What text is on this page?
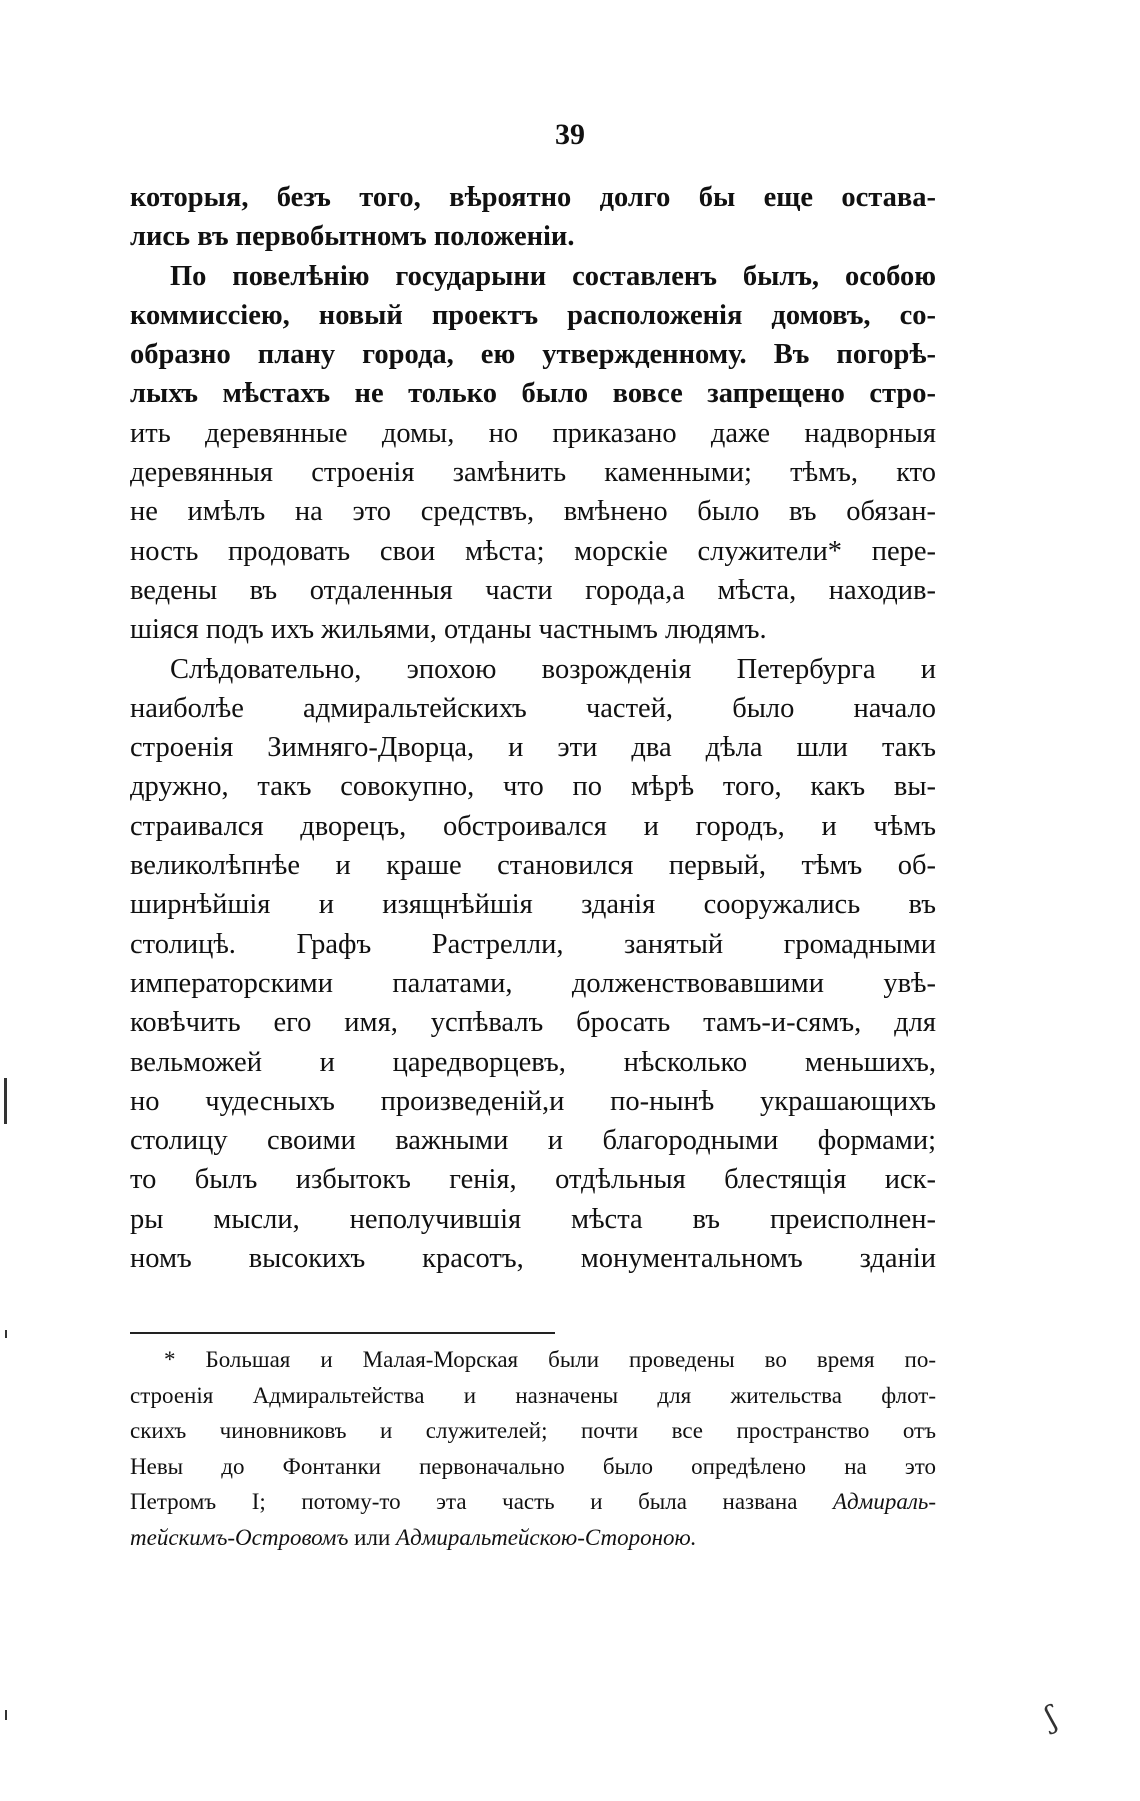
39
которыя, безъ того, вѣроятно долго бы еще остава-
лись въ первобытномъ положеніи.
По повелѣнію государыни составленъ былъ, особою
коммиссіею, новый проектъ расположенія домовъ, со-
образно плану города, ею утвержденному. Въ погорѣ-
лыхъ мѣстахъ не только было вовсе запрещено стро-
ить деревянные домы, но приказано даже надворныя
деревянныя строенія замѣнить каменными; тѣмъ, кто
не имѣлъ на это средствъ, вмѣнено было въ обязан-
ность продовать свои мѣста; морскіе служители* пере-
ведены въ отдаленныя части города,а мѣста, находив-
шіяся подъ ихъ жильями, отданы частнымъ людямъ.
Слѣдовательно, эпохою возрожденія Петербурга и
наиболѣе адмиральтейскихъ частей, было начало
строенія Зимняго-Дворца, и эти два дѣла шли такъ
дружно, такъ совокупно, что по мѣрѣ того, какъ вы-
страивался дворецъ, обстроивался и городъ, и чѣмъ
великолѣпнѣе и краше становился первый, тѣмъ об-
ширнѣйшія и изящнѣйшія зданія сооружались въ
столицѣ. Графъ Растрелли, занятый громадными
императорскими палатами, долженствовавшими увѣ-
ковѣчить его имя, успѣвалъ бросать тамъ-и-сямъ, для
вельможей и царедворцевъ, нѣсколько меньшихъ,
но чудесныхъ произведеній,и по-нынѣ украшающихъ
столицу своими важными и благородными формами;
то былъ избытокъ генія, отдѣльныя блестящія иск-
ры мысли, неполучившія мѣста въ преисполнен-
номъ высокихъ красотъ, монументальномъ зданіи
* Большая и Малая-Морская были проведены во время по-
строенія Адмиральтейства и назначены для жительства флот-
скихъ чиновниковъ и служителей; почти все пространство отъ
Невы до Фонтанки первоначально было опредѣлено на это
Петромъ I; потому-то эта часть и была названа Адмираль-
тейскимъ-Островомъ или Адмиральтейскою-Стороною.
ʃ
